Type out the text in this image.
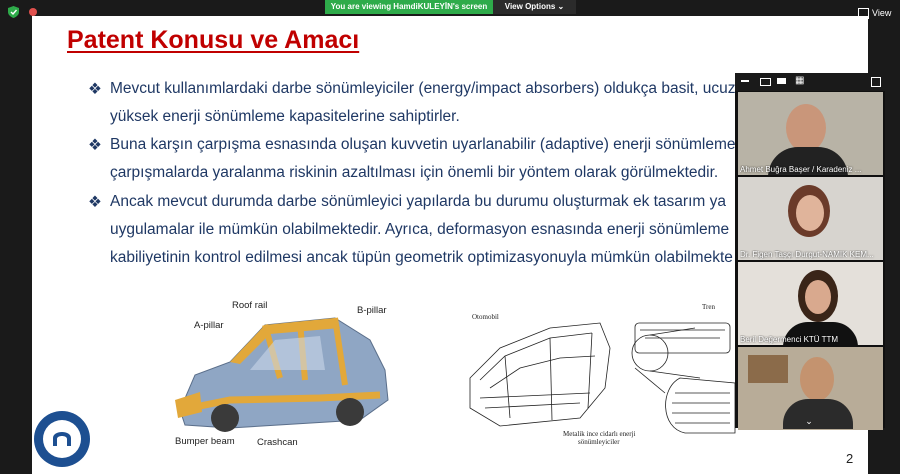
You are viewing HamdiKULEYİN's screen	View Options ⌄
View
Patent Konusu ve Amacı
❖ Mevcut kullanımlardaki darbe sönümleyiciler (energy/impact absorbers) oldukça basit, ucuz
yüksek enerji sönümleme kapasitelerine sahiptirler.
❖ Buna karşın çarpışma esnasında oluşan kuvvetin uyarlanabilir (adaptive) enerji sönümleme
çarpışmalarda yaralanma riskinin azaltılması için önemli bir yöntem olarak görülmektedir.
❖ Ancak mevcut durumda darbe sönümleyici yapılarda bu durumu oluşturmak ek tasarım ya
uygulamalar ile mümkün olabilmektedir. Ayrıca, deformasyon esnasında enerji sönümleme
kabiliyetinin kontrol edilmesi ancak tüpün geometrik optimizasyonuyla mümkün olabilmekte
Roof rail
A-pillar
B-pillar
Bumper beam Crashcan
Otomobil
Tren
Metalik ince cidarlı enerji
sönümleyiciler
2
▦
Ahmet Buğra Başer / Karadeniz ...
Dr. Figen Taşçı Durgut-NAMIK KEM...
Beril Değermenci KTÜ TTM
⌄
